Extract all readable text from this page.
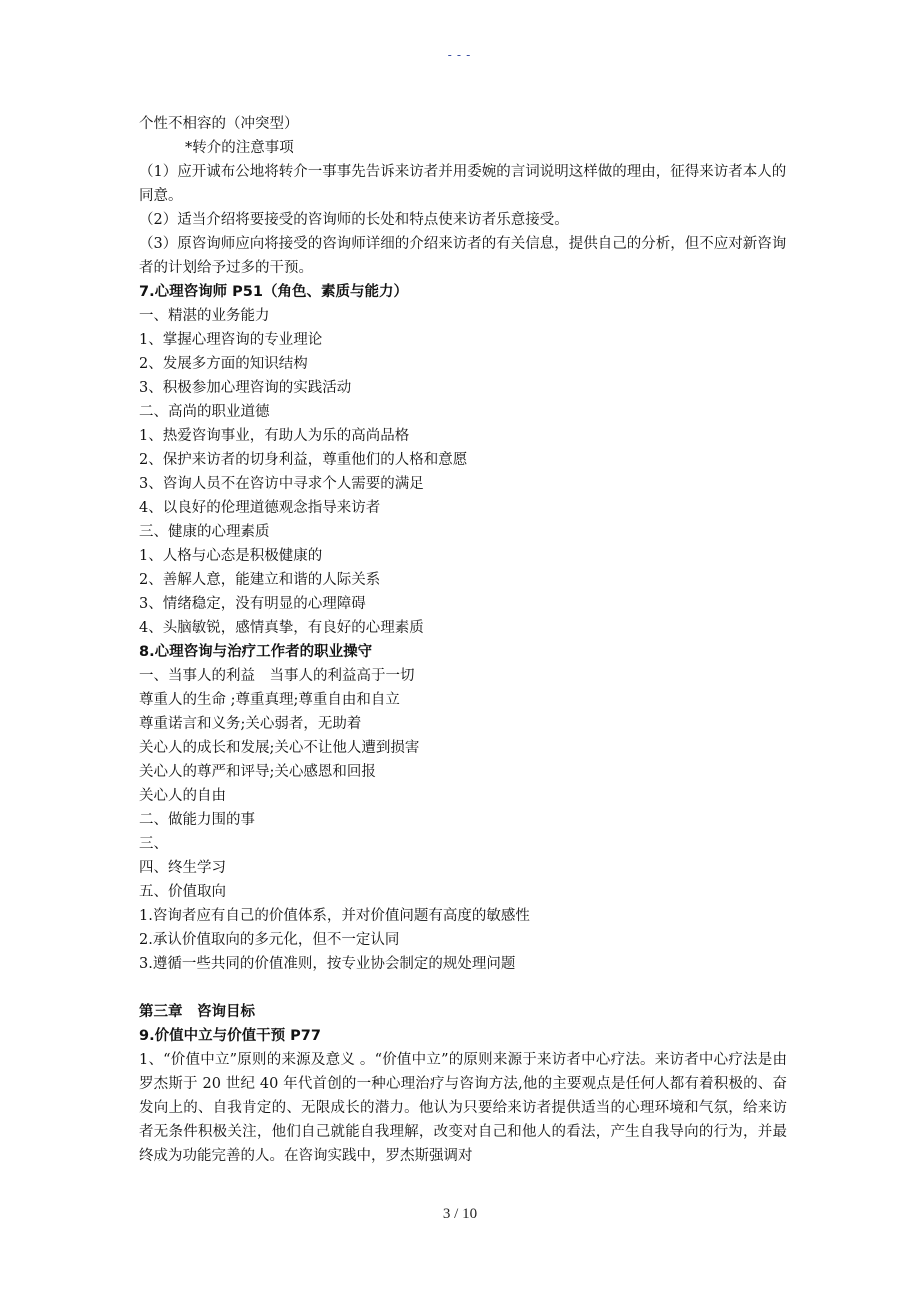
---
个性不相容的（冲突型）
*转介的注意事项
（1）应开诚布公地将转介一事事先告诉来访者并用委婉的言词说明这样做的理由，征得来访者本人的同意。
（2）适当介绍将要接受的咨询师的长处和特点使来访者乐意接受。
（3）原咨询师应向将接受的咨询师详细的介绍来访者的有关信息，提供自己的分析，但不应对新咨询者的计划给予过多的干预。
7.心理咨询师 P51（角色、素质与能力）
一、精湛的业务能力
1、掌握心理咨询的专业理论
2、发展多方面的知识结构
3、积极参加心理咨询的实践活动
二、高尚的职业道德
1、热爱咨询事业，有助人为乐的高尚品格
2、保护来访者的切身利益，尊重他们的人格和意愿
3、咨询人员不在咨访中寻求个人需要的满足
4、以良好的伦理道德观念指导来访者
三、健康的心理素质
1、人格与心态是积极健康的
2、善解人意，能建立和谐的人际关系
3、情绪稳定，没有明显的心理障碍
4、头脑敏锐，感情真挚，有良好的心理素质
8.心理咨询与治疗工作者的职业操守
一、当事人的利益　当事人的利益高于一切
尊重人的生命 ;尊重真理;尊重自由和自立
尊重诺言和义务;关心弱者，无助着
关心人的成长和发展;关心不让他人遭到损害
关心人的尊严和评导;关心感恩和回报
关心人的自由
二、做能力围的事
三、
四、终生学习
五、价值取向
1.咨询者应有自己的价值体系，并对价值问题有高度的敏感性
2.承认价值取向的多元化，但不一定认同
3.遵循一些共同的价值准则，按专业协会制定的规处理问题
第三章　咨询目标
9.价值中立与价值干预 P77
1、“价值中立”原则的来源及意义 。“价值中立”的原则来源于来访者中心疗法。来访者中心疗法是由罗杰斯于 20 世纪 40 年代首创的一种心理治疗与咨询方法,他的主要观点是任何人都有着积极的、奋发向上的、自我肯定的、无限成长的潜力。他认为只要给来访者提供适当的心理环境和气氛，给来访者无条件积极关注，他们自己就能自我理解，改变对自己和他人的看法，产生自我导向的行为，并最终成为功能完善的人。在咨询实践中，罗杰斯强调对
3 / 10
